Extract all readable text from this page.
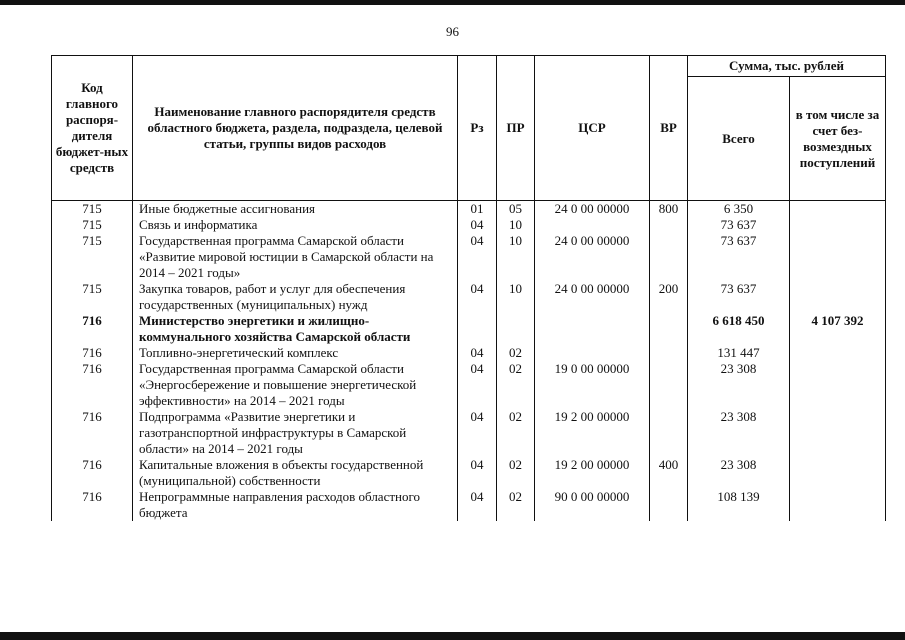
96
Код главного распоря-дителя бюджет-ных средств	Наименование главного распорядителя средств областного бюджета, раздела, подраздела, целевой статьи, группы видов расходов	Рз	ПР	ЦСР	ВР	Сумма, тыс. рублей	
						Всего	в том числе за счет без-возмездных поступлений
715	Иные бюджетные ассигнования	01	05	24 0 00 00000	800	6 350	
715	Связь и информатика	04	10			73 637	
715	Государственная программа Самарской области «Развитие мировой юстиции в Самарской области на 2014 – 2021 годы»	04	10	24 0 00 00000		73 637	
715	Закупка товаров, работ и услуг для обеспечения государственных (муниципальных) нужд	04	10	24 0 00 00000	200	73 637	
716	Министерство энергетики и жилищно-коммунального хозяйства Самарской области					6 618 450	4 107 392
716	Топливно-энергетический комплекс	04	02			131 447	
716	Государственная программа Самарской области «Энергосбережение и повышение энергетической эффективности» на 2014 – 2021 годы	04	02	19 0 00 00000		23 308	
716	Подпрограмма «Развитие энергетики и газотранспортной инфраструктуры в Самарской области» на 2014 – 2021 годы	04	02	19 2 00 00000		23 308	
716	Капитальные вложения в объекты государственной (муниципальной) собственности	04	02	19 2 00 00000	400	23 308	
716	Непрограммные направления расходов областного бюджета	04	02	90 0 00 00000		108 139	
